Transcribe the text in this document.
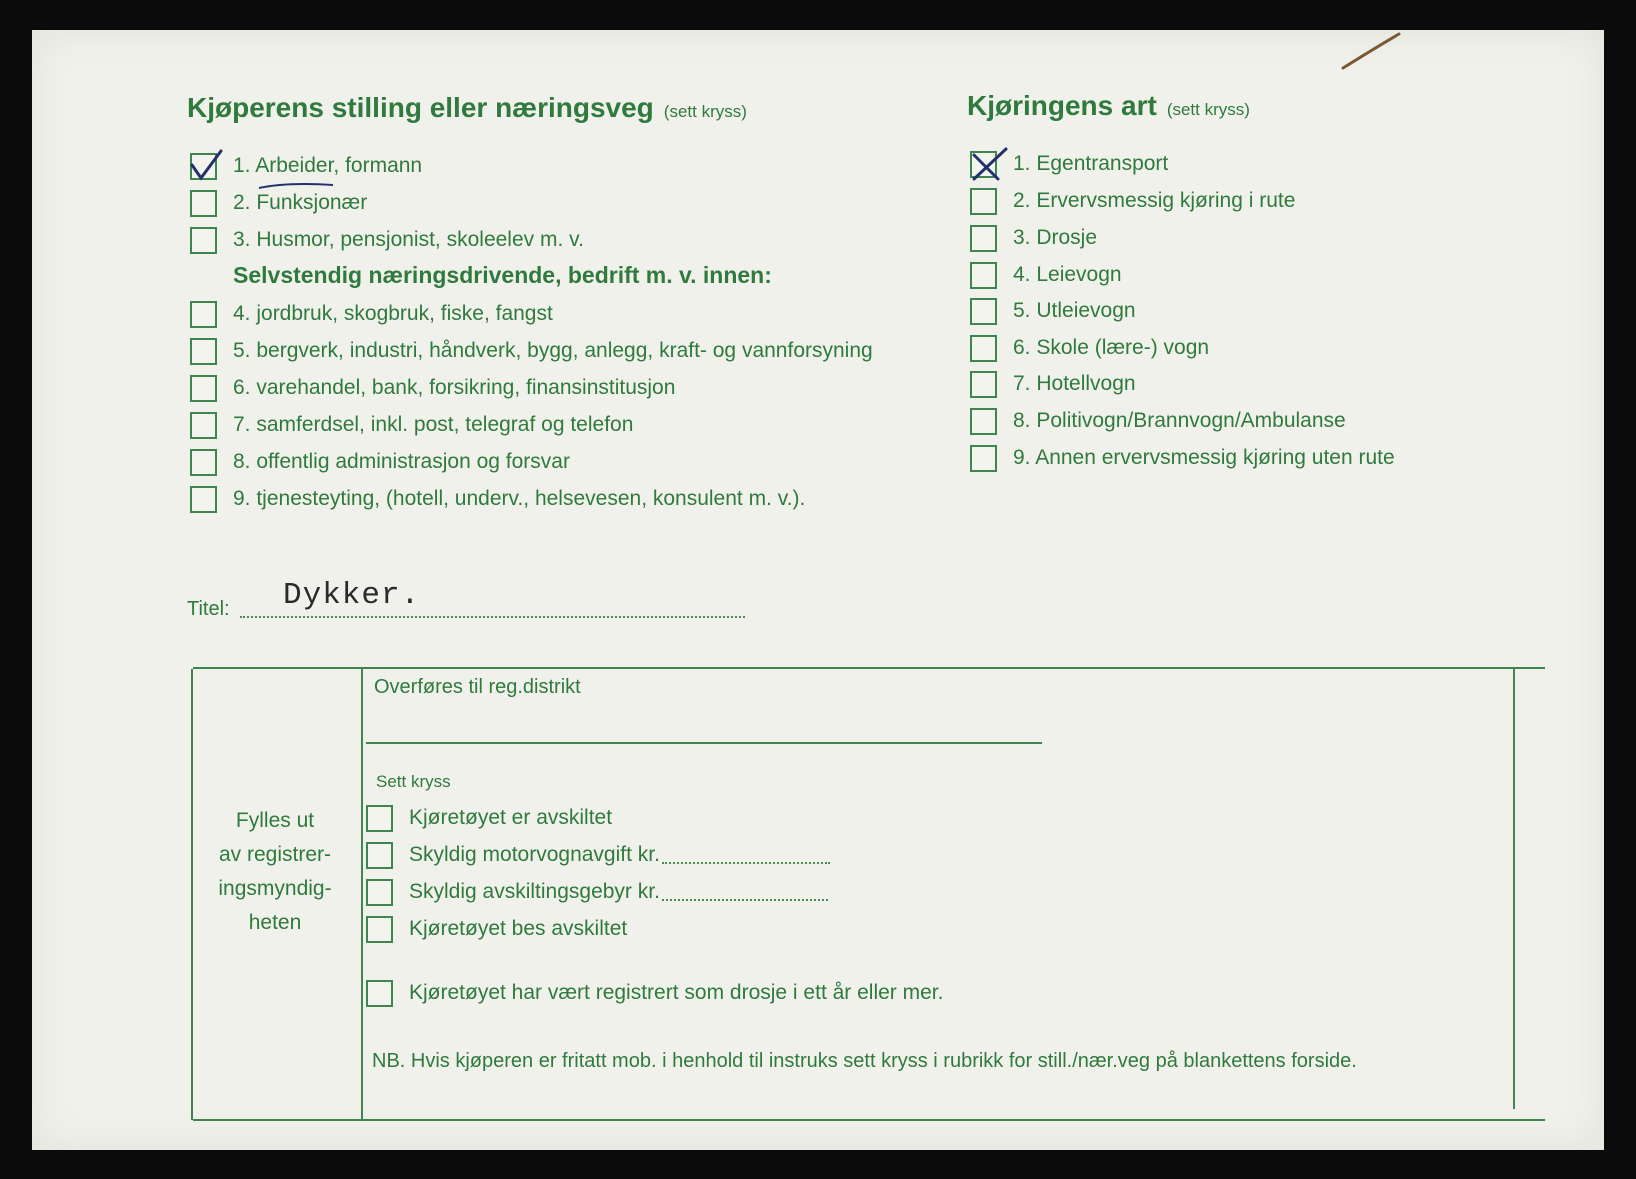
Kjøperens stilling eller næringsveg (sett kryss)
1. Arbeider, formann
2. Funksjonær
3. Husmor, pensjonist, skoleelev m. v.
Selvstendig næringsdrivende, bedrift m. v. innen:
4. jordbruk, skogbruk, fiske, fangst
5. bergverk, industri, håndverk, bygg, anlegg, kraft- og vannforsyning
6. varehandel, bank, forsikring, finansinstitusjon
7. samferdsel, inkl. post, telegraf og telefon
8. offentlig administrasjon og forsvar
9. tjenesteyting, (hotell, underv., helsevesen, konsulent m. v.).
Kjøringens art (sett kryss)
1. Egentransport
2. Ervervsmessig kjøring i rute
3. Drosje
4. Leievogn
5. Utleievogn
6. Skole (lære-) vogn
7. Hotellvogn
8. Politivogn/Brannvogn/Ambulanse
9. Annen ervervsmessig kjøring uten rute
Titel: Dykker.
Fylles ut
av registrer-
ingsmyndig-
heten
Overføres til reg.distrikt
Sett kryss
Kjøretøyet er avskiltet
Skyldig motorvognavgift kr.
Skyldig avskiltingsgebyr kr.
Kjøretøyet bes avskiltet
Kjøretøyet har vært registrert som drosje i ett år eller mer.
NB. Hvis kjøperen er fritatt mob. i henhold til instruks sett kryss i rubrikk for still./nær.veg på blankettens forside.
